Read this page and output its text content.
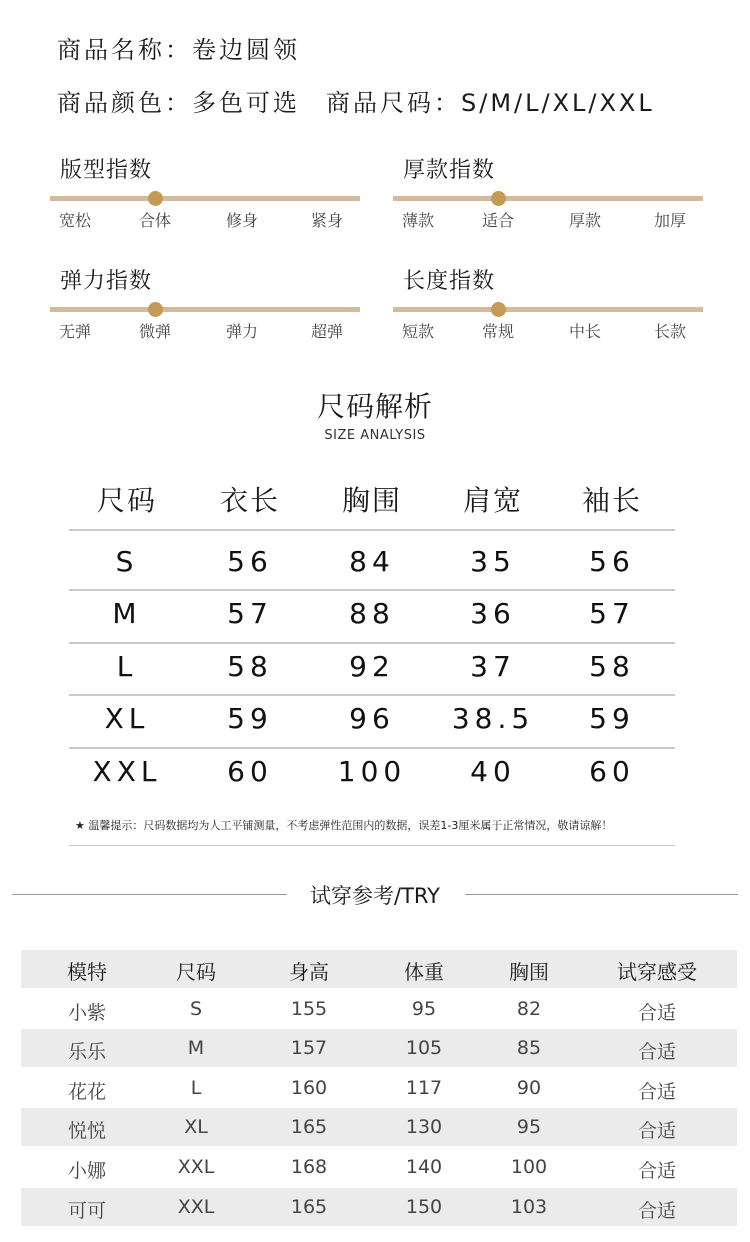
商品名称：卷边圆领
商品颜色：多色可选 商品尺码：S/M/L/XL/XXL
版型指数
宽松	合体	修身	紧身
厚款指数
薄款	适合	厚款	加厚
弹力指数
无弹	微弹	弹力	超弹
长度指数
短款	常规	中长	长款
尺码解析
SIZE ANALYSIS
尺码	衣长	胸围	肩宽	袖长
S	56	84	35	56
M	57	88	36	57
L	58	92	37	58
XL	59	96	38.5	59
XXL	60	100	40	60
★ 温馨提示：尺码数据均为人工平铺测量，不考虑弹性范围内的数据，误差1-3厘米属于正常情况，敬请谅解！
试穿参考/TRY
模特	尺码	身高	体重	胸围	试穿感受
小紫	S	155	95	82	合适
乐乐	M	157	105	85	合适
花花	L	160	117	90	合适
悦悦	XL	165	130	95	合适
小娜	XXL	168	140	100	合适
可可	XXL	165	150	103	合适
